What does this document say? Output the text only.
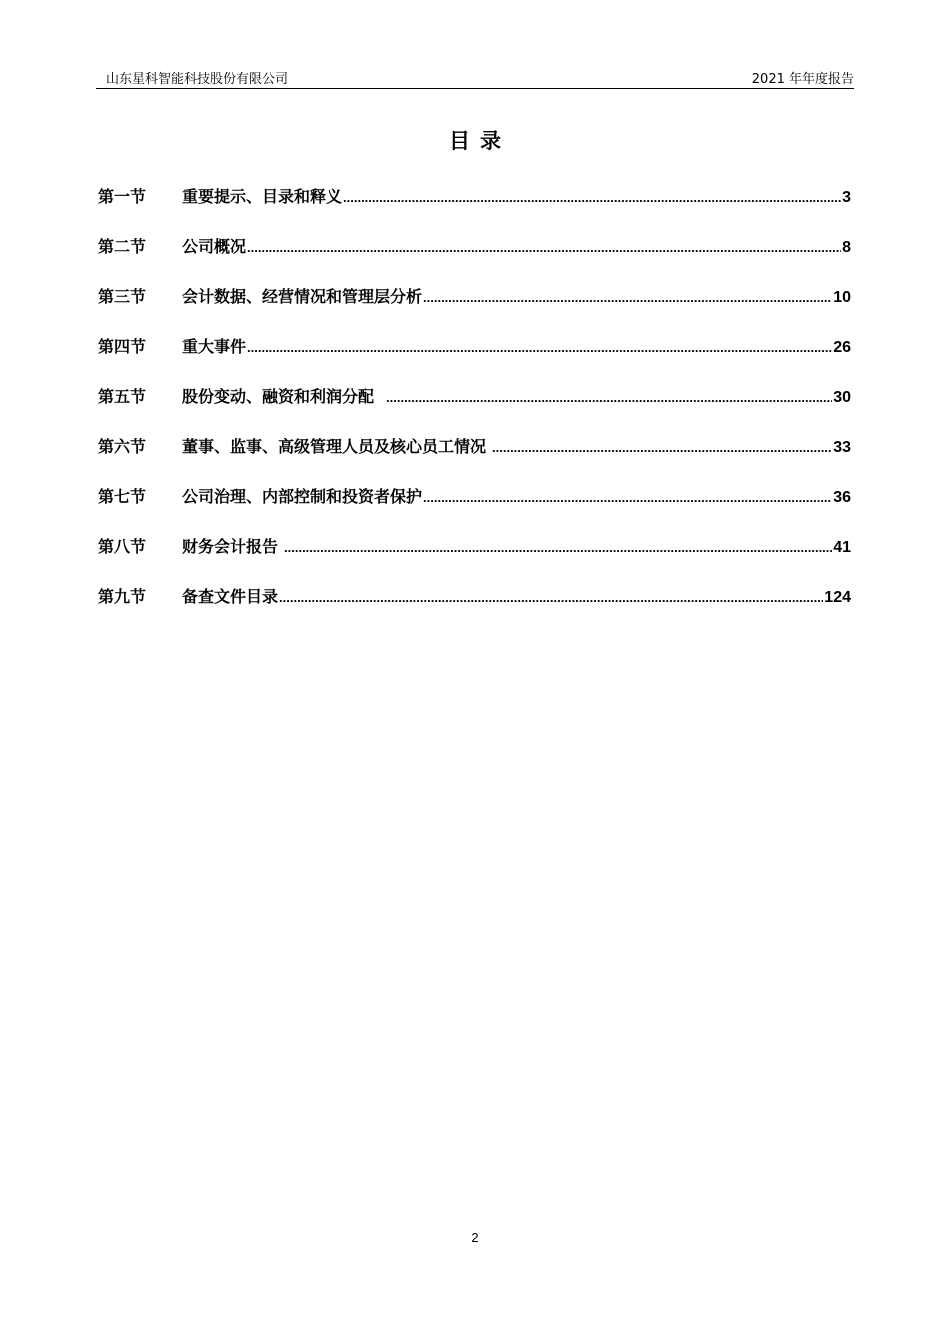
山东星科智能科技股份有限公司	2021 年年度报告
目录
第一节	重要提示、目录和释义 .....	3
第二节	公司概况 .....	8
第三节	会计数据、经营情况和管理层分析 .....	10
第四节	重大事件 .....	26
第五节	股份变动、融资和利润分配 .....	30
第六节	董事、监事、高级管理人员及核心员工情况 .....	33
第七节	公司治理、内部控制和投资者保护 .....	36
第八节	财务会计报告 .....	41
第九节	备查文件目录 .....	124
2
